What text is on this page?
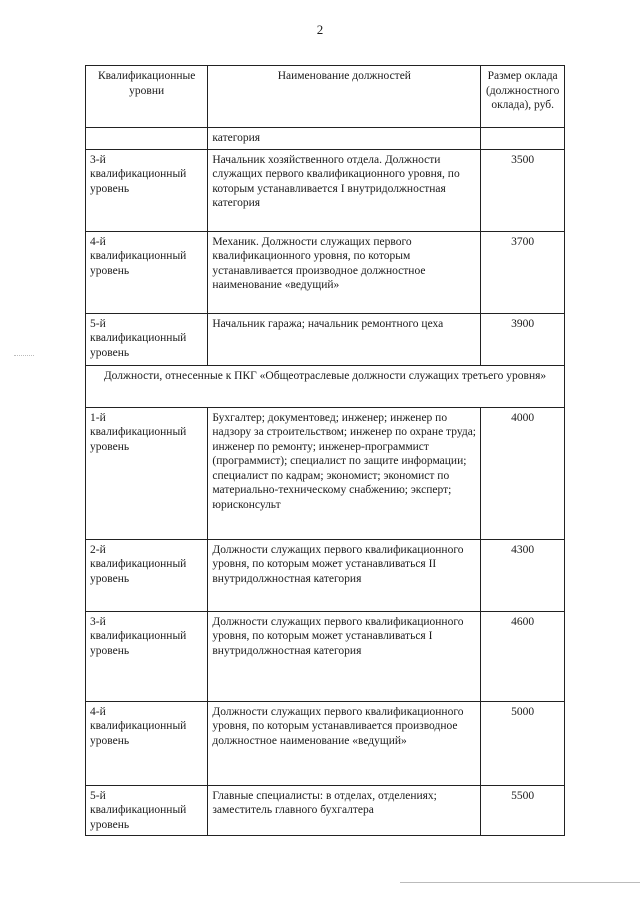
2
Квалификационные уровни	Наименование должностей	Размер оклада (должностного оклада), руб.
	категория	
3-й квалификационный уровень	Начальник хозяйственного отдела. Должности служащих первого квалификационного уровня, по которым устанавливается I внутридолжностная категория	3500
4-й квалификационный уровень	Механик. Должности служащих первого квалификационного уровня, по которым устанавливается производное должностное наименование «ведущий»	3700
5-й квалификационный уровень	Начальник гаража; начальник ремонтного цеха	3900
Должности, отнесенные к ПКГ «Общеотраслевые должности служащих третьего уровня»		
1-й квалификационный уровень	Бухгалтер; документовед; инженер; инженер по надзору за строительством; инженер по охране труда; инженер по ремонту; инженер-программист (программист); специалист по защите информации; специалист по кадрам; экономист; экономист по материально-техническому снабжению; эксперт; юрисконсульт	4000
2-й квалификационный уровень	Должности служащих первого квалификационного уровня, по которым может устанавливаться II внутридолжностная категория	4300
3-й квалификационный уровень	Должности служащих первого квалификационного уровня, по которым может устанавливаться I внутридолжностная категория	4600
4-й квалификационный уровень	Должности служащих первого квалификационного уровня, по которым устанавливается производное должностное наименование «ведущий»	5000
5-й квалификационный уровень	Главные специалисты: в отделах, отделениях; заместитель главного бухгалтера	5500
